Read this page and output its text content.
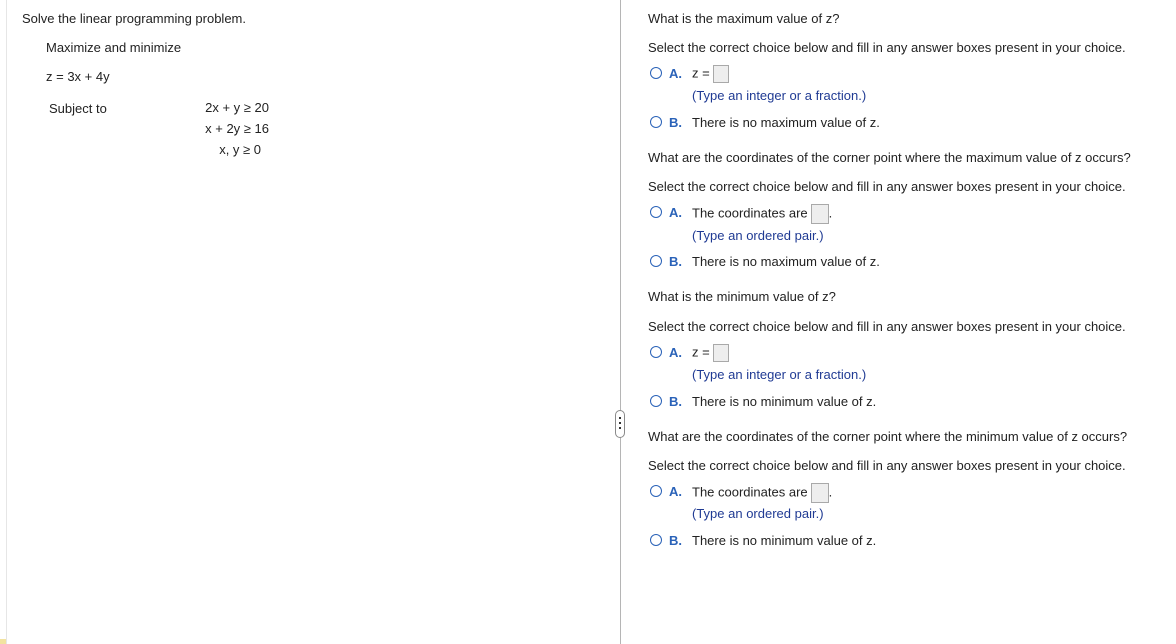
Solve the linear programming problem.
Maximize and minimize
z = 3x + 4y
Subject to	2x + y ≥ 20
x + 2y ≥ 16
x, y ≥ 0
What is the maximum value of z?
Select the correct choice below and fill in any answer boxes present in your choice.
A. z =
(Type an integer or a fraction.)
B. There is no maximum value of z.
What are the coordinates of the corner point where the maximum value of z occurs?
Select the correct choice below and fill in any answer boxes present in your choice.
A. The coordinates are .
(Type an ordered pair.)
B. There is no maximum value of z.
What is the minimum value of z?
Select the correct choice below and fill in any answer boxes present in your choice.
A. z =
(Type an integer or a fraction.)
B. There is no minimum value of z.
What are the coordinates of the corner point where the minimum value of z occurs?
Select the correct choice below and fill in any answer boxes present in your choice.
A. The coordinates are .
(Type an ordered pair.)
B. There is no minimum value of z.
